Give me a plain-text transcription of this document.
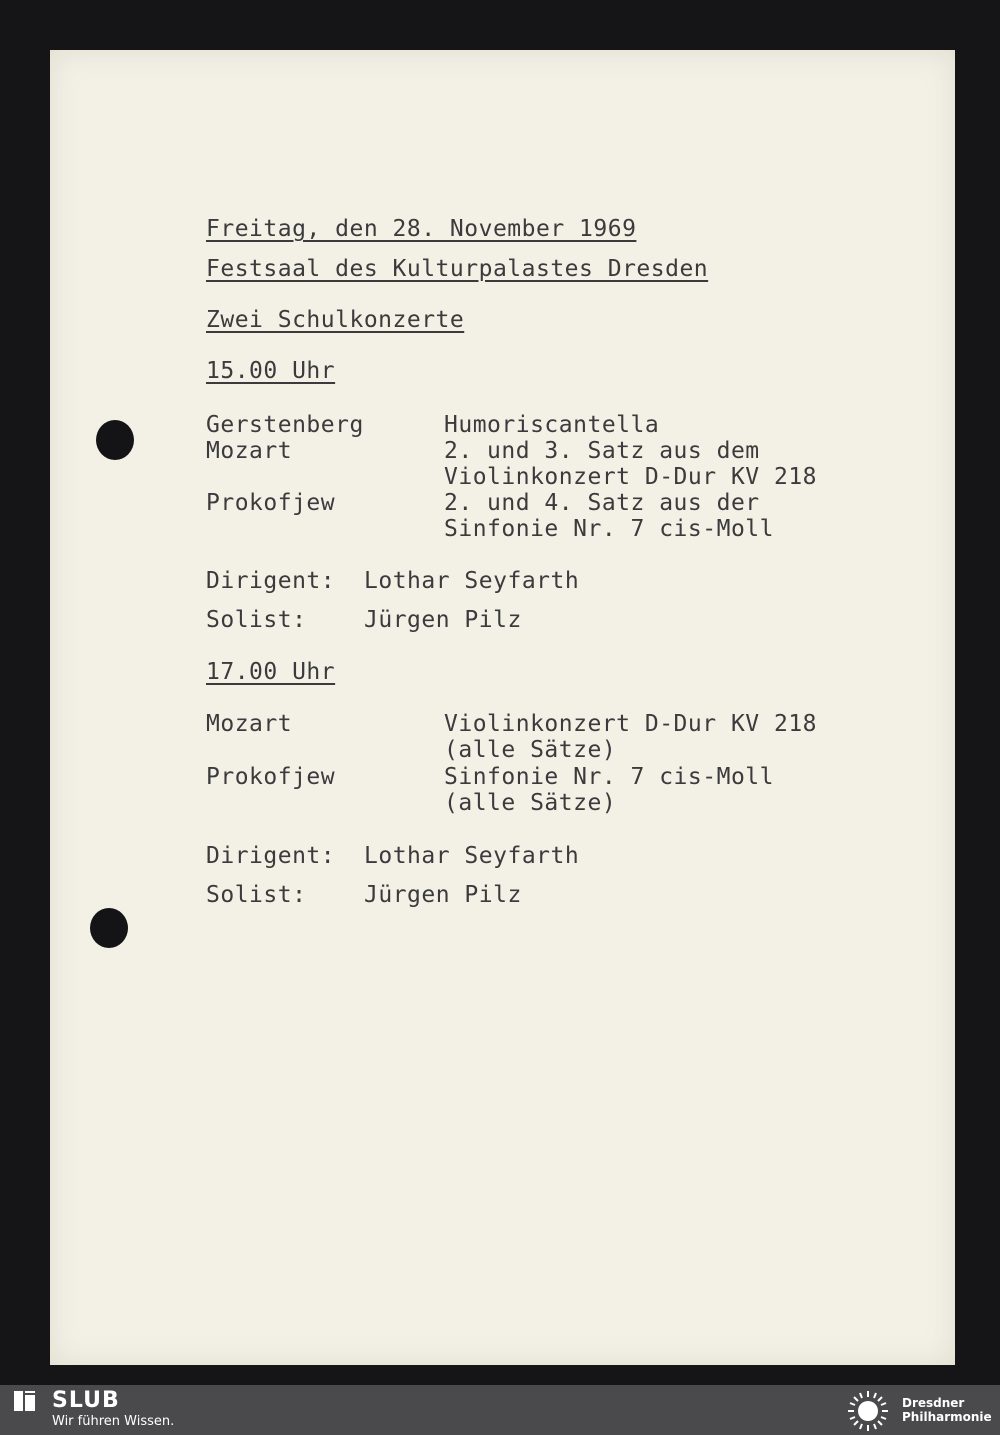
Freitag, den 28. November 1969
Festsaal des Kulturpalastes Dresden
Zwei Schulkonzerte
15.00 Uhr
Gerstenberg	Humoriscantella
Mozart	2. und 3. Satz aus dem
Violinkonzert D-Dur KV 218
Prokofjew	2. und 4. Satz aus der
Sinfonie Nr. 7 cis-Moll
Dirigent: Lothar Seyfarth
Solist:	Jürgen Pilz
17.00 Uhr
Mozart	Violinkonzert D-Dur KV 218
(alle Sätze)
Prokofjew	Sinfonie Nr. 7 cis-Moll
(alle Sätze)
Dirigent: Lothar Seyfarth
Solist:	Jürgen Pilz
SLUB
Wir führen Wissen.
Dresdner
Philharmonie
